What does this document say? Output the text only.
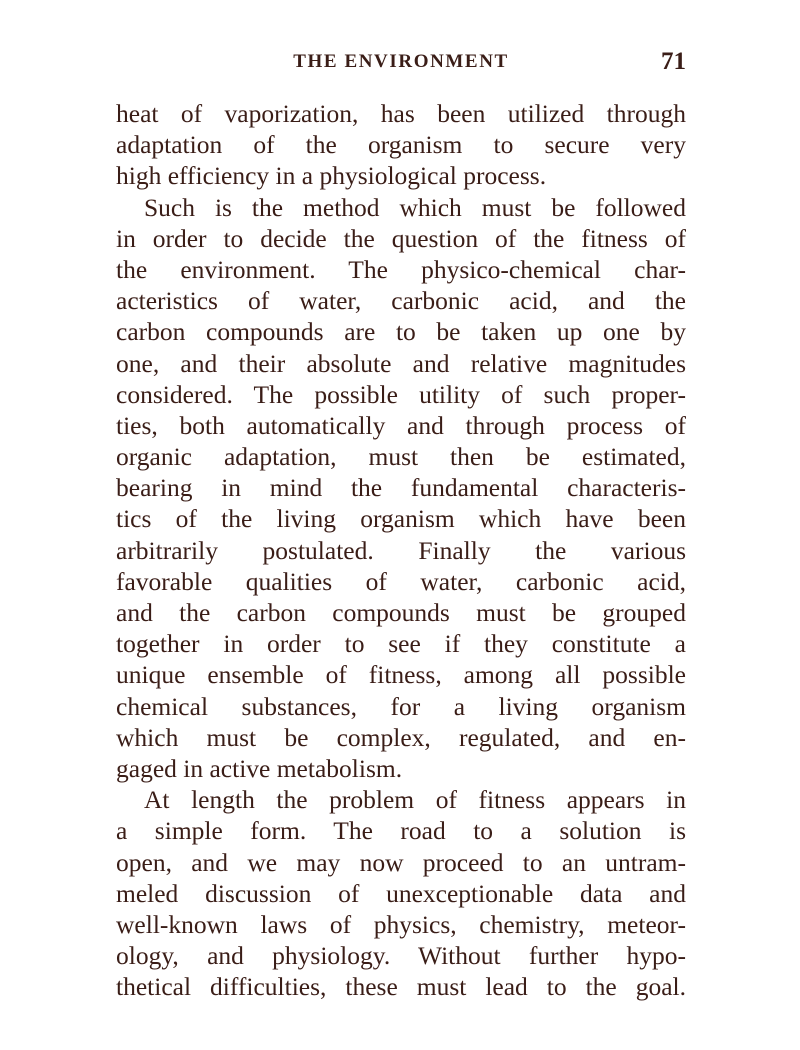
THE ENVIRONMENT	71
heat of vaporization, has been utilized through
adaptation of the organism to secure very
high efficiency in a physiological process.
Such is the method which must be followed
in order to decide the question of the fitness of
the environment. The physico-chemical char-
acteristics of water, carbonic acid, and the
carbon compounds are to be taken up one by
one, and their absolute and relative magnitudes
considered. The possible utility of such proper-
ties, both automatically and through process of
organic adaptation, must then be estimated,
bearing in mind the fundamental characteris-
tics of the living organism which have been
arbitrarily postulated. Finally the various
favorable qualities of water, carbonic acid,
and the carbon compounds must be grouped
together in order to see if they constitute a
unique ensemble of fitness, among all possible
chemical substances, for a living organism
which must be complex, regulated, and en-
gaged in active metabolism.
At length the problem of fitness appears in
a simple form. The road to a solution is
open, and we may now proceed to an untram-
meled discussion of unexceptionable data and
well-known laws of physics, chemistry, meteor-
ology, and physiology. Without further hypo-
thetical difficulties, these must lead to the goal.
